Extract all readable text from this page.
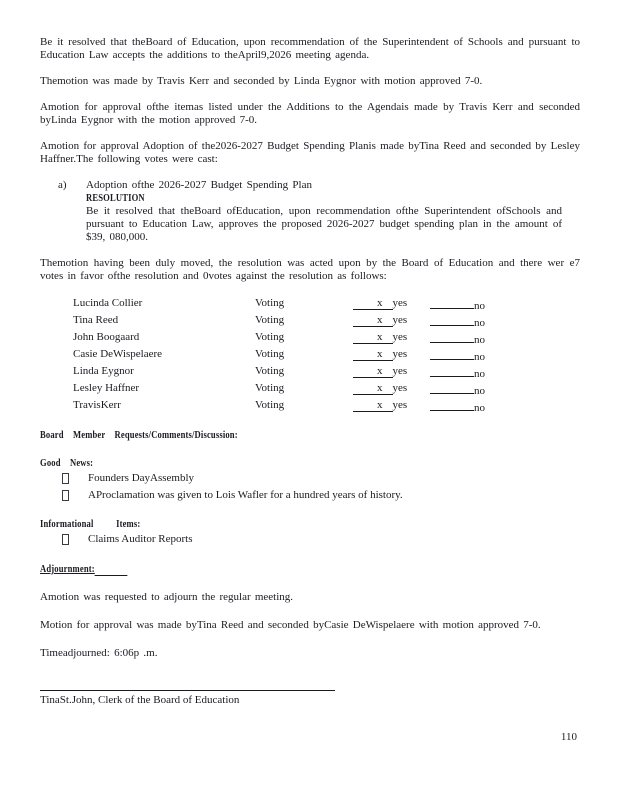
Be it resolved that theBoard of Education, upon recommendation of the Superintendent of Schools and pursuant to Education Law accepts the additions to theApril9,2026 meeting agenda.

Themotion was made by Travis Kerr and seconded by Linda Eygnor with motion approved 7-0.

Amotion for approval ofthe itemas listed under the Additions to the Agendais made by Travis Kerr and seconded byLinda Eygnor with the motion approved 7-0.

Amotion for approval Adoption of the2026-2027 Budget Spending Planis made byTina Reed and seconded by Lesley Haffner.The following votes were cast:

a)	Adoption ofthe 2026-2027 Budget Spending Plan

RESOLUTION

Be it resolved that theBoard ofEducation, upon recommendation ofthe Superintendent ofSchools and pursuant to Education Law, approves the proposed 2026-2027 budget spending plan in the amount of $39, 080,000.

Themotion having been duly moved, the resolution was acted upon by the Board of Education and there wer e7 votes in favor ofthe resolution and 0votes against the resolution as follows:

Lucinda Collier	Voting	x yes	no
Tina Reed	Voting	x yes	no
John Boogaard	Voting	x yes	no
Casie DeWispelaere	Voting	x yes	no
Linda Eygnor	Voting	x yes	no
Lesley Haffner	Voting	x yes	no
TravisKerr	Voting	x yes	no
Board Member Requests/Comments/Discussion:
Good News:
Founders DayAssembly
AProclamation was given to Lois Wafler for a hundred years of history.
Informational Items:
Claims Auditor Reports
Adjournment:

Amotion was requested to adjourn the regular meeting.

Motion for approval was made byTina Reed and seconded byCasie DeWispelaere with motion approved 7-0.

Timeadjourned: 6:06p .m.

TinaSt.John, Clerk of the Board of Education
110
